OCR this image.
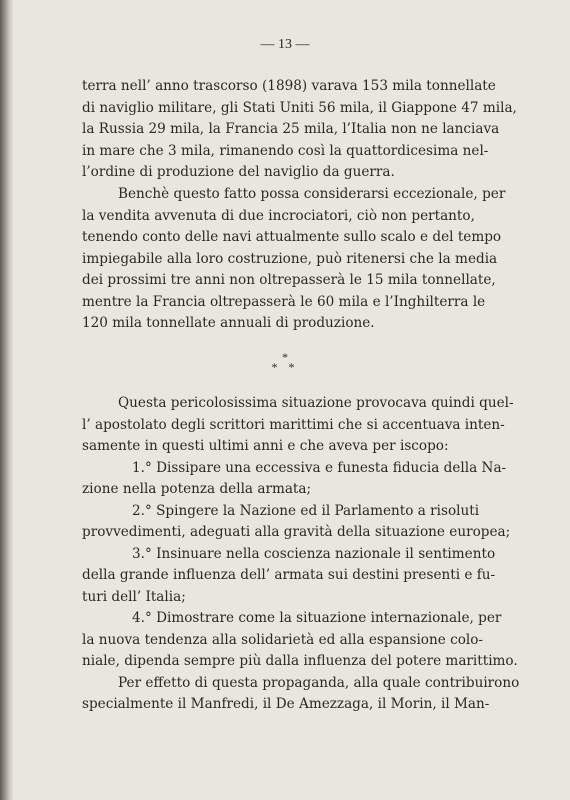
— 13 —
terra nell’ anno trascorso (1898) varava 153 mila tonnellate
di naviglio militare, gli Stati Uniti 56 mila, il Giappone 47 mila,
la Russia 29 mila, la Francia 25 mila, l’Italia non ne lanciava
in mare che 3 mila, rimanendo così la quattordicesima nel-
l’ordine di produzione del naviglio da guerra.
Benchè questo fatto possa considerarsi eccezionale, per
la vendita avvenuta di due incrociatori, ciò non pertanto,
tenendo conto delle navi attualmente sullo scalo e del tempo
impiegabile alla loro costruzione, può ritenersi che la media
dei prossimi tre anni non oltrepasserà le 15 mila tonnellate,
mentre la Francia oltrepasserà le 60 mila e l’Inghilterra le
120 mila tonnellate annuali di produzione.
*
* *
Questa pericolosissima situazione provocava quindi quel-
l’ apostolato degli scrittori marittimi che si accentuava inten-
samente in questi ultimi anni e che aveva per iscopo:
1.° Dissipare una eccessiva e funesta fiducia della Na-
zione nella potenza della armata;
2.° Spingere la Nazione ed il Parlamento a risoluti
provvedimenti, adeguati alla gravità della situazione europea;
3.° Insinuare nella coscienza nazionale il sentimento
della grande influenza dell’ armata sui destini presenti e fu-
turi dell’ Italia;
4.° Dimostrare come la situazione internazionale, per
la nuova tendenza alla solidarietà ed alla espansione colo-
niale, dipenda sempre più dalla influenza del potere marittimo.
Per effetto di questa propaganda, alla quale contribuirono
specialmente il Manfredi, il De Amezzaga, il Morin, il Man-
